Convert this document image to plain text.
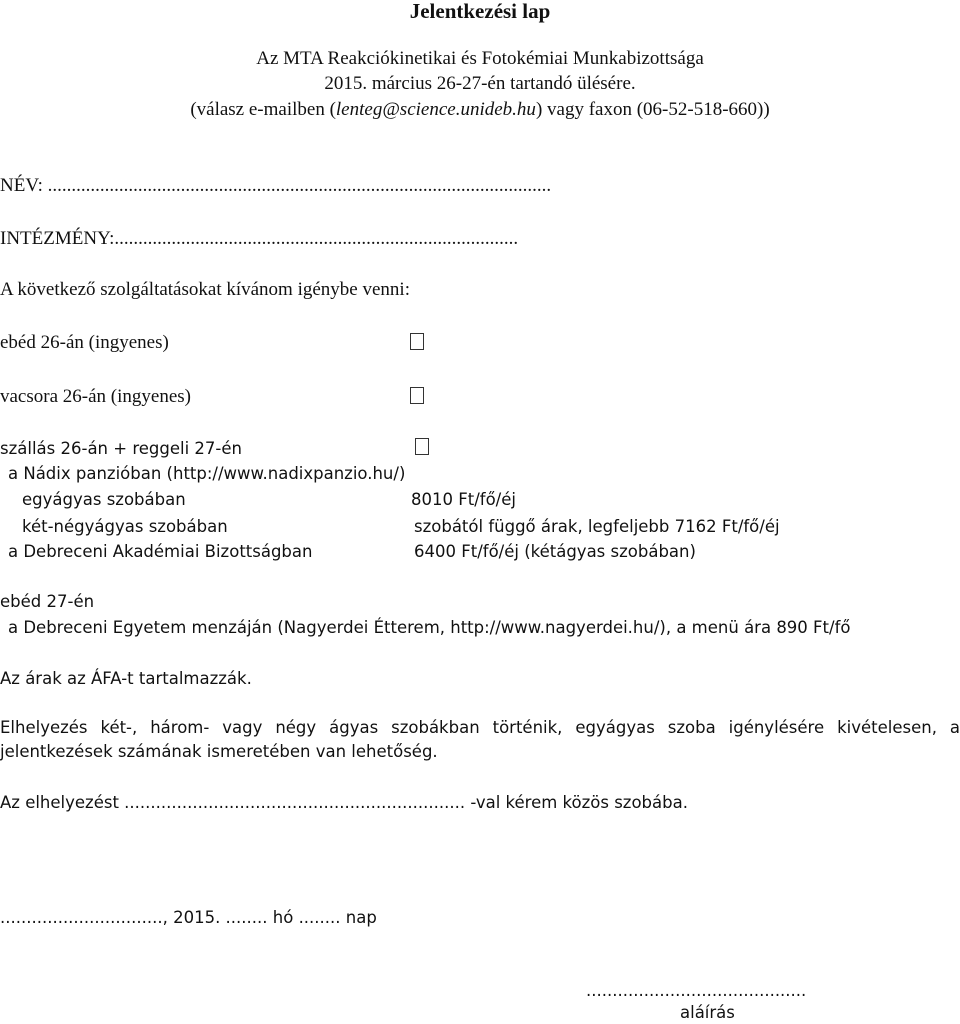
Jelentkezési lap
Az MTA Reakciókinetikai és Fotokémiai Munkabizottsága
2015. március 26-27-én tartandó ülésére.
(válasz e-mailben (lenteg@science.unideb.hu) vagy faxon (06-52-518-660))
NÉV: ..........................................................................................................
INTÉZMÉNY:.....................................................................................
A következő szolgáltatásokat kívánom igénybe venni:
ebéd 26-án (ingyenes)
vacsora 26-án (ingyenes)
szállás 26-án + reggeli 27-én
a Nádix panzióban (http://www.nadixpanzio.hu/)
egyágyas szobában	8010 Ft/fő/éj
két-négyágyas szobában	szobától függő árak, legfeljebb 7162 Ft/fő/éj
a Debreceni Akadémiai Bizottságban	6400 Ft/fő/éj (kétágyas szobában)
ebéd 27-én
a Debreceni Egyetem menzáján (Nagyerdei Étterem, http://www.nagyerdei.hu/), a menü ára 890 Ft/fő
Az árak az ÁFA-t tartalmazzák.
Elhelyezés két-, három- vagy négy ágyas szobákban történik, egyágyas szoba igénylésére kivételesen, a jelentkezések számának ismeretében van lehetőség.
Az elhelyezést ................................................................. -val kérem közös szobába.
..............................., 2015. ........ hó ........ nap
..........................................
aláírás
